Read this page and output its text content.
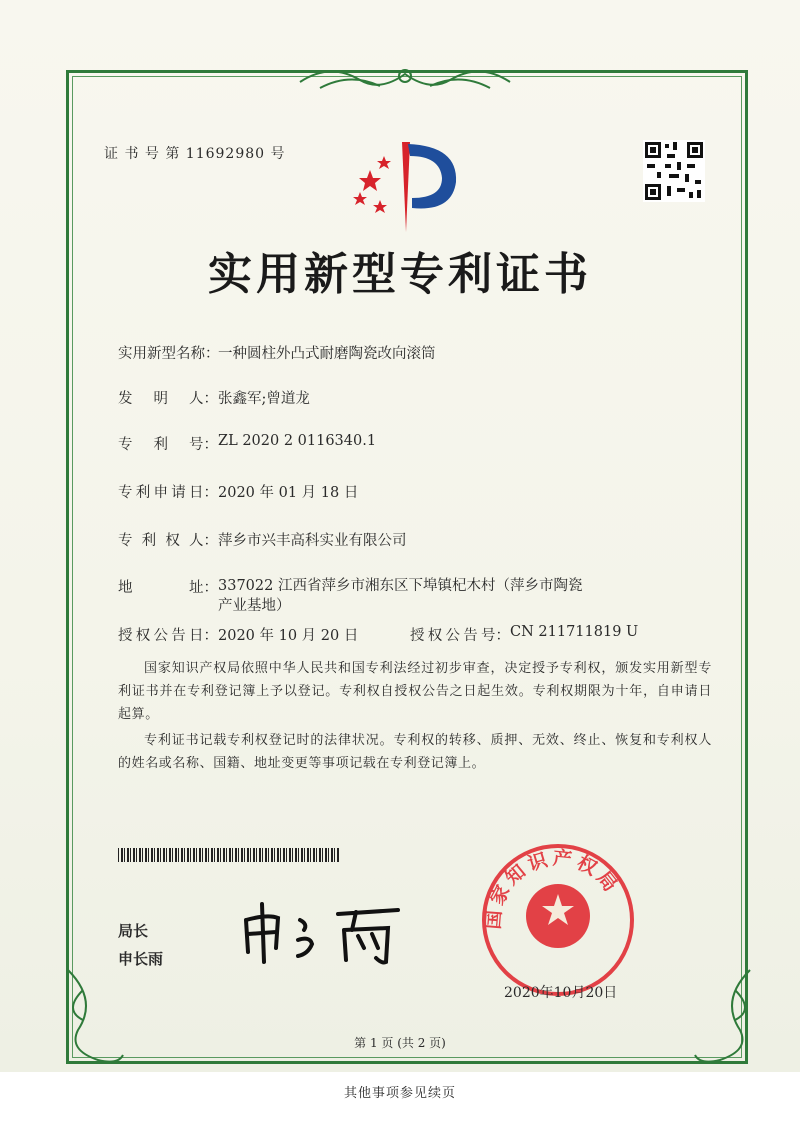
证 书 号 第 11692980 号
实用新型专利证书
实 用 新 型 名 称 ：
一种圆柱外凸式耐磨陶瓷改向滚筒
发 明 人 ： 张鑫军;曾道龙
专 利 号 ： ZL 2020 2 0116340.1
专 利 申 请 日 ： 2020 年 01 月 18 日
专 利 权 人 ： 萍乡市兴丰高科实业有限公司
地	址 ： 337022 江西省萍乡市湘东区下埠镇杞木村（萍乡市陶瓷
产业基地）
授 权 公 告 日 ： 2020 年 10 月 20 日	授 权 公 告 号 ： CN 211711819 U
国家知识产权局依照中华人民共和国专利法经过初步审查，决定授予专利权，颁发实用新型专利证书并在专利登记簿上予以登记。专利权自授权公告之日起生效。专利权期限为十年，自申请日起算。
专利证书记载专利权登记时的法律状况。专利权的转移、质押、无效、终止、恢复和专利权人的姓名或名称、国籍、地址变更等事项记载在专利登记簿上。
局长
申长雨
国家知识产权局
2020年10月20日
第 1 页 (共 2 页)
其他事项参见续页
